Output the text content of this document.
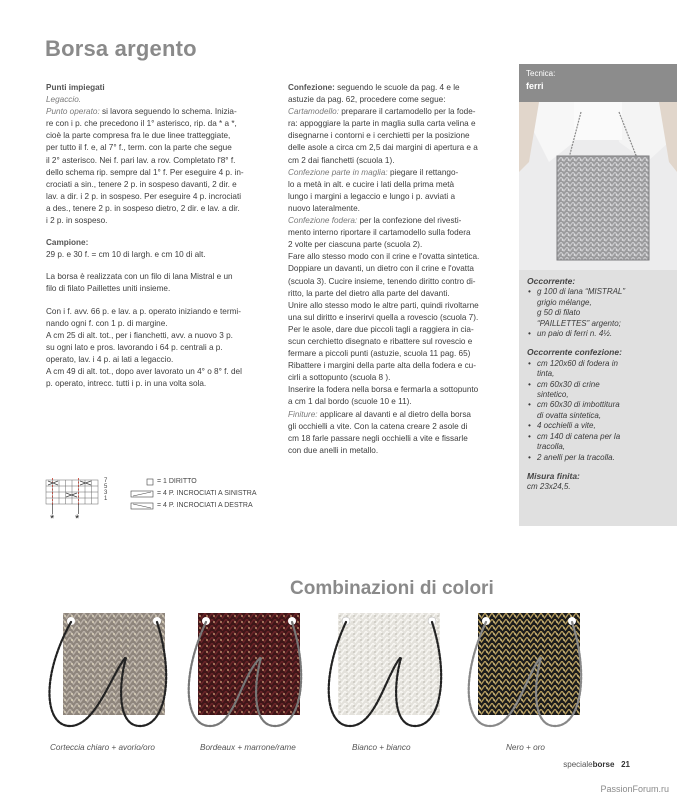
Borsa argento

Punti impiegati

Legaccio.

Punto operato: si lavora seguendo lo schema. Inizia-
re con i p. che precedono il 1° asterisco, rip. da * a *,
cioè la parte compresa fra le due linee tratteggiate,
per tutto il f. e, al 7° f., term. con la parte che segue
il 2° asterisco. Nei f. pari lav. a rov. Completato l'8° f.
dello schema rip. sempre dal 1° f. Per eseguire 4 p. in-
crociati a sin., tenere 2 p. in sospeso davanti, 2 dir. e
lav. a dir. i 2 p. in sospeso. Per eseguire 4 p. incrociati
a des., tenere 2 p. in sospeso dietro, 2 dir. e lav. a dir.
i 2 p. in sospeso.

Campione:

29 p. e 30 f. = cm 10 di largh. e cm 10 di alt.

La borsa è realizzata con un filo di lana Mistral e un
filo di filato Paillettes uniti insieme.

Con i f. avv. 66 p. e lav. a p. operato iniziando e termi-
nando ogni f. con 1 p. di margine.
A cm 25 di alt. tot., per i fianchetti, avv. a nuovo 3 p.
su ogni lato e pros. lavorando i 64 p. centrali a p.
operato, lav. i 4 p. ai lati a legaccio.
A cm 49 di alt. tot., dopo aver lavorato un 4° o 8° f. del
p. operato, intrecc. tutti i p. in una volta sola.

* *
7
5
3
1
= 1 DIRITTO
= 4 P. INCROCIATI A SINISTRA
= 4 P. INCROCIATI A DESTRA

Confezione: seguendo le scuole da pag. 4 e le
astuzie da pag. 62, procedere come segue:
Cartamodello: preparare il cartamodello per la fode-
ra: appoggiare la parte in maglia sulla carta velina e
disegnarne i contorni e i cerchietti per la posizione
delle asole a circa cm 2,5 dai margini di apertura e a
cm 2 dai fianchetti (scuola 1).
Confezione parte in maglia: piegare il rettango-
lo a metà in alt. e cucire i lati della prima metà
lungo i margini a legaccio e lungo i p. avviati a
nuovo lateralmente.
Confezione fodera: per la confezione del rivesti-
mento interno riportare il cartamodello sulla fodera
2 volte per ciascuna parte (scuola 2).
Fare allo stesso modo con il crine e l'ovatta sintetica.
Doppiare un davanti, un dietro con il crine e l'ovatta
(scuola 3). Cucire insieme, tenendo diritto contro di-
ritto, la parte del dietro alla parte del davanti.
Unire allo stesso modo le altre parti, quindi rivoltarne
una sul diritto e inserirvi quella a rovescio (scuola 7).
Per le asole, dare due piccoli tagli a raggiera in cia-
scun cerchietto disegnato e ribattere sul rovescio e
fermare a piccoli punti (astuzie, scuola 11 pag. 65)
Ribattere i margini della parte alta della fodera e cu-
cirli a sottopunto (scuola 8 ).
Inserire la fodera nella borsa e fermarla a sottopunto
a cm 1 dal bordo (scuole 10 e 11).
Finiture: applicare al davanti e al dietro della borsa
gli occhielli a vite. Con la catena creare 2 asole di
cm 18 farle passare negli occhielli a vite e fissarle
con due anelli in metallo.

Tecnica:
ferri
Occorrente:
• g 100 di lana “MISTRAL”
grigio mélange,
g 50 di filato
“PAILLETTES” argento;
• un paio di ferri n. 4½.
Occorrente confezione:
• cm 120x60 di fodera in
tinta,
• cm 60x30 di crine
sintetico,
• cm 60x30 di imbottitura
di ovatta sintetica,
• 4 occhielli a vite,
• cm 140 di catena per la
tracolla,
• 2 anelli per la tracolla.
Misura finita:
cm 23x24,5.
Combinazioni di colori
Corteccia chiaro + avorio/oro	Bordeaux + marrone/rame	Bianco + bianco	Nero + oro
specialeborse 21
PassionForum.ru
